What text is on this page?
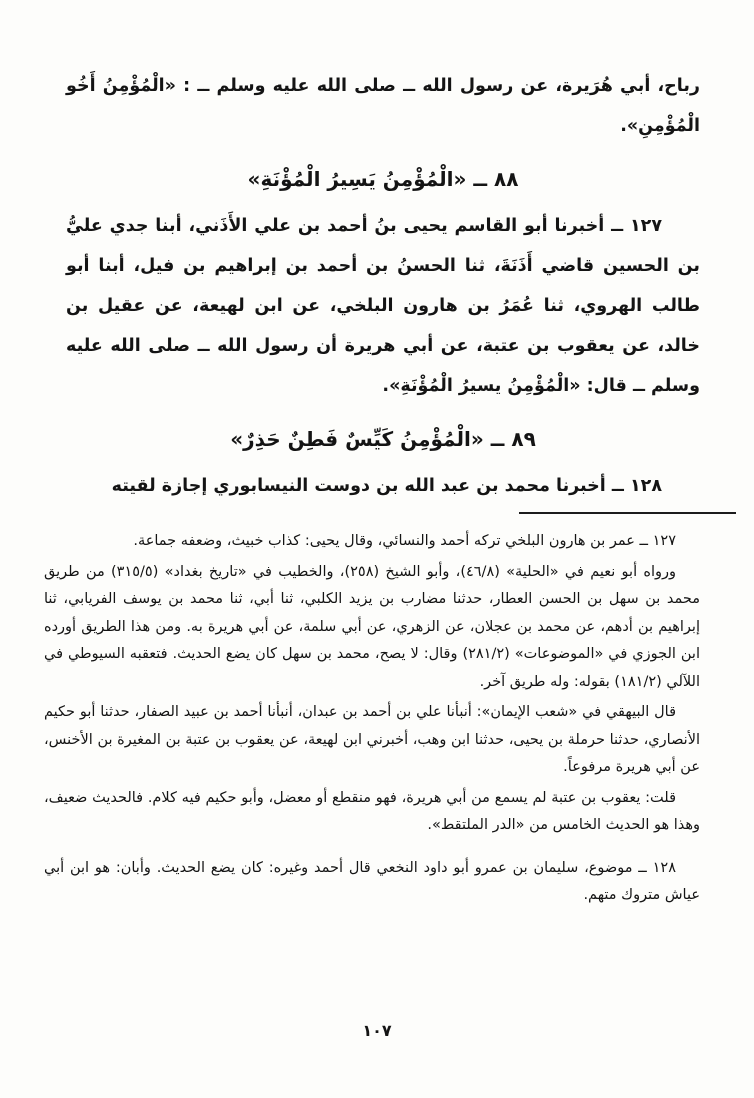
رباح، أبي هُرَيرة، عن رسول الله ــ صلى الله عليه وسلم ــ : «الْمُؤْمِنُ أَخُو الْمُؤْمِنِ».

٨٨ ــ «الْمُؤْمِنُ يَسِيرُ الْمُؤْنَةِ»

١٢٧ ــ أخبرنا أبو القاسم يحيى بنُ أحمد بن علي الأَذَني، أبنا جدي عليُّ بن الحسين قاضي أَذَنَةَ، ثنا الحسنُ بن أحمد بن إبراهيم بن فيل، أبنا أبو طالب الهروي، ثنا عُمَرُ بن هارون البلخي، عن ابن لهيعة، عن عقيل بن خالد، عن يعقوب بن عتبة، عن أبي هريرة أن رسول الله ــ صلى الله عليه وسلم ــ قال: «الْمُؤْمِنُ يسيرُ الْمُؤْنَةِ».

٨٩ ــ «الْمُؤْمِنُ كَيِّسٌ فَطِنٌ حَذِرٌ»

١٢٨ ــ أخبرنا محمد بن عبد الله بن دوست النيسابوري إجازة لقيته

١٢٧ ــ عمر بن هارون البلخي تركه أحمد والنسائي، وقال يحيى: كذاب خبيث، وضعفه جماعة.

ورواه أبو نعيم في «الحلية» (٤٦/٨)، وأبو الشيخ (٢٥٨)، والخطيب في «تاريخ بغداد» (٣١٥/٥) من طريق محمد بن سهل بن الحسن العطار، حدثنا مضارب بن يزيد الكلبي، ثنا أبي، ثنا محمد بن يوسف الفريابي، ثنا إبراهيم بن أدهم، عن محمد بن عجلان، عن الزهري، عن أبي سلمة، عن أبي هريرة به. ومن هذا الطريق أورده ابن الجوزي في «الموضوعات» (٢٨١/٢) وقال: لا يصح، محمد بن سهل كان يضع الحديث. فتعقبه السيوطي في اللآلي (١٨١/٢) بقوله: وله طريق آخر.

قال البيهقي في «شعب الإيمان»: أنبأنا علي بن أحمد بن عبدان، أنبأنا أحمد بن عبيد الصفار، حدثنا أبو حكيم الأنصاري، حدثنا حرملة بن يحيى، حدثنا ابن وهب، أخبرني ابن لهيعة، عن يعقوب بن عتبة بن المغيرة بن الأخنس، عن أبي هريرة مرفوعاً.

قلت: يعقوب بن عتبة لم يسمع من أبي هريرة، فهو منقطع أو معضل، وأبو حكيم فيه كلام. فالحديث ضعيف، وهذا هو الحديث الخامس من «الدر الملتقط».

١٢٨ ــ موضوع، سليمان بن عمرو أبو داود النخعي قال أحمد وغيره: كان يضع الحديث. وأبان: هو ابن أبي عياش متروك متهم.

١٠٧
